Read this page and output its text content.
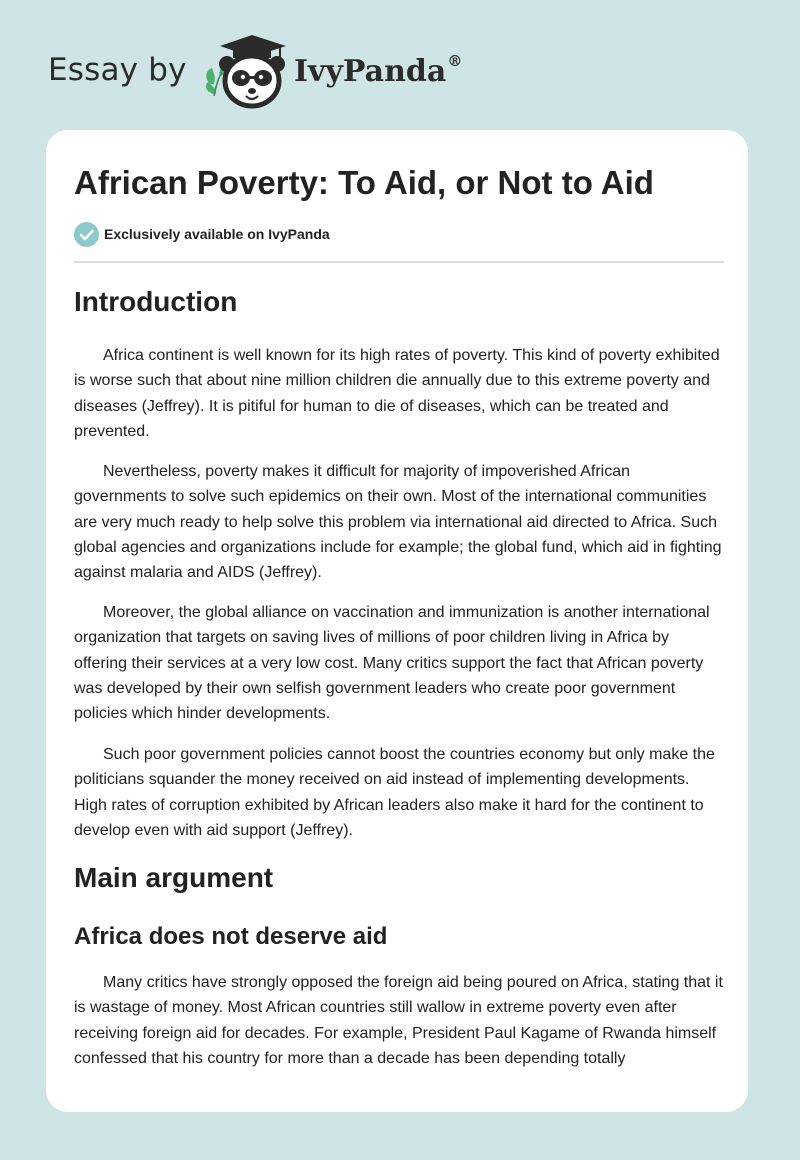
Essay by	IvyPanda®
African Poverty: To Aid, or Not to Aid
Exclusively available on IvyPanda
Introduction

Africa continent is well known for its high rates of poverty. This kind of poverty exhibited is worse such that about nine million children die annually due to this extreme poverty and diseases (Jeffrey). It is pitiful for human to die of diseases, which can be treated and prevented.

Nevertheless, poverty makes it difficult for majority of impoverished African governments to solve such epidemics on their own. Most of the international communities are very much ready to help solve this problem via international aid directed to Africa. Such global agencies and organizations include for example; the global fund, which aid in fighting against malaria and AIDS (Jeffrey).

Moreover, the global alliance on vaccination and immunization is another international organization that targets on saving lives of millions of poor children living in Africa by offering their services at a very low cost. Many critics support the fact that African poverty was developed by their own selfish government leaders who create poor government policies which hinder developments.

Such poor government policies cannot boost the countries economy but only make the politicians squander the money received on aid instead of implementing developments. High rates of corruption exhibited by African leaders also make it hard for the continent to develop even with aid support (Jeffrey).

Main argument
Africa does not deserve aid

Many critics have strongly opposed the foreign aid being poured on Africa, stating that it is wastage of money. Most African countries still wallow in extreme poverty even after receiving foreign aid for decades. For example, President Paul Kagame of Rwanda himself confessed that his country for more than a decade has been depending totally
